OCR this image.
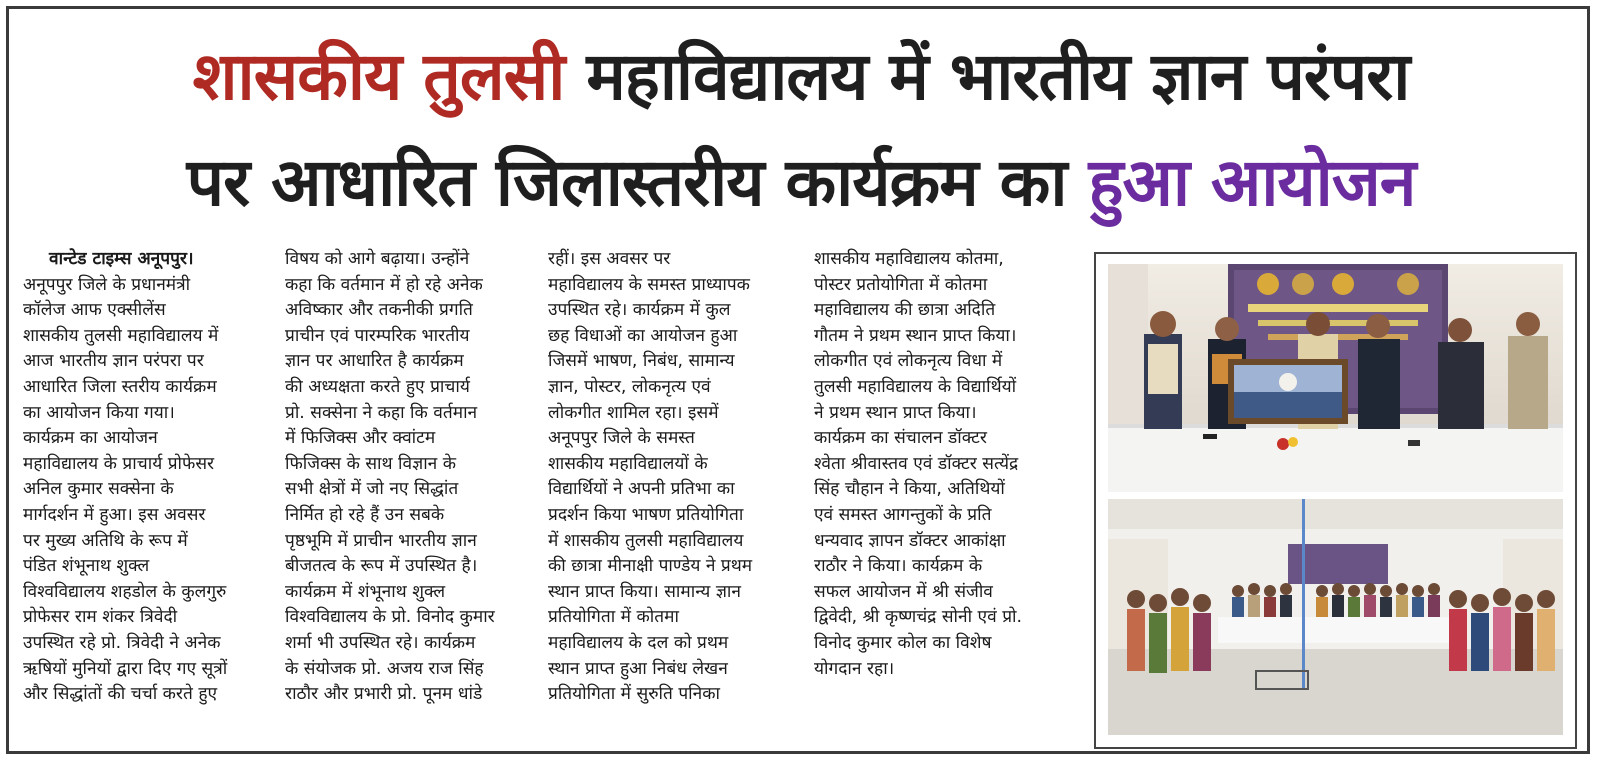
शासकीय तुलसी महाविद्यालय में भारतीय ज्ञान परंपरा
पर आधारित जिलास्तरीय कार्यक्रम का हुआ आयोजन

वान्टेड टाइम्स अनूपपुर।

अनूपपुर जिले के प्रधानमंत्री

कॉलेज आफ एक्सीलेंस

शासकीय तुलसी महाविद्यालय में

आज भारतीय ज्ञान परंपरा पर

आधारित जिला स्तरीय कार्यक्रम

का आयोजन किया गया।

कार्यक्रम का आयोजन

महाविद्यालय के प्राचार्य प्रोफेसर

अनिल कुमार सक्सेना के

मार्गदर्शन में हुआ। इस अवसर

पर मुख्य अतिथि के रूप में

पंडित शंभूनाथ शुक्ल

विश्वविद्यालय शहडोल के कुलगुरु

प्रोफेसर राम शंकर त्रिवेदी

उपस्थित रहे प्रो. त्रिवेदी ने अनेक

ऋषियों मुनियों द्वारा दिए गए सूत्रों

और सिद्धांतों की चर्चा करते हुए

विषय को आगे बढ़ाया। उन्होंने

कहा कि वर्तमान में हो रहे अनेक

अविष्कार और तकनीकी प्रगति

प्राचीन एवं पारम्परिक भारतीय

ज्ञान पर आधारित है कार्यक्रम

की अध्यक्षता करते हुए प्राचार्य

प्रो. सक्सेना ने कहा कि वर्तमान

में फिजिक्स और क्वांटम

फिजिक्स के साथ विज्ञान के

सभी क्षेत्रों में जो नए सिद्धांत

निर्मित हो रहे हैं उन सबके

पृष्ठभूमि में प्राचीन भारतीय ज्ञान

बीजतत्व के रूप में उपस्थित है।

कार्यक्रम में शंभूनाथ शुक्ल

विश्वविद्यालय के प्रो. विनोद कुमार

शर्मा भी उपस्थित रहे। कार्यक्रम

के संयोजक प्रो. अजय राज सिंह

राठौर और प्रभारी प्रो. पूनम धांडे

रहीं। इस अवसर पर

महाविद्यालय के समस्त प्राध्यापक

उपस्थित रहे। कार्यक्रम में कुल

छह विधाओं का आयोजन हुआ

जिसमें भाषण, निबंध, सामान्य

ज्ञान, पोस्टर, लोकनृत्य एवं

लोकगीत शामिल रहा। इसमें

अनूपपुर जिले के समस्त

शासकीय महाविद्यालयों के

विद्यार्थियों ने अपनी प्रतिभा का

प्रदर्शन किया भाषण प्रतियोगिता

में शासकीय तुलसी महाविद्यालय

की छात्रा मीनाक्षी पाण्डेय ने प्रथम

स्थान प्राप्त किया। सामान्य ज्ञान

प्रतियोगिता में कोतमा

महाविद्यालय के दल को प्रथम

स्थान प्राप्त हुआ निबंध लेखन

प्रतियोगिता में सुरुति पनिका

शासकीय महाविद्यालय कोतमा,

पोस्टर प्रतोयोगिता में कोतमा

महाविद्यालय की छात्रा अदिति

गौतम ने प्रथम स्थान प्राप्त किया।

लोकगीत एवं लोकनृत्य विधा में

तुलसी महाविद्यालय के विद्यार्थियों

ने प्रथम स्थान प्राप्त किया।

कार्यक्रम का संचालन डॉक्टर

श्वेता श्रीवास्तव एवं डॉक्टर सत्येंद्र

सिंह चौहान ने किया, अतिथियों

एवं समस्त आगन्तुकों के प्रति

धन्यवाद ज्ञापन डॉक्टर आकांक्षा

राठौर ने किया। कार्यक्रम के

सफल आयोजन में श्री संजीव

द्विवेदी, श्री कृष्णचंद्र सोनी एवं प्रो.

विनोद कुमार कोल का विशेष

योगदान रहा।
